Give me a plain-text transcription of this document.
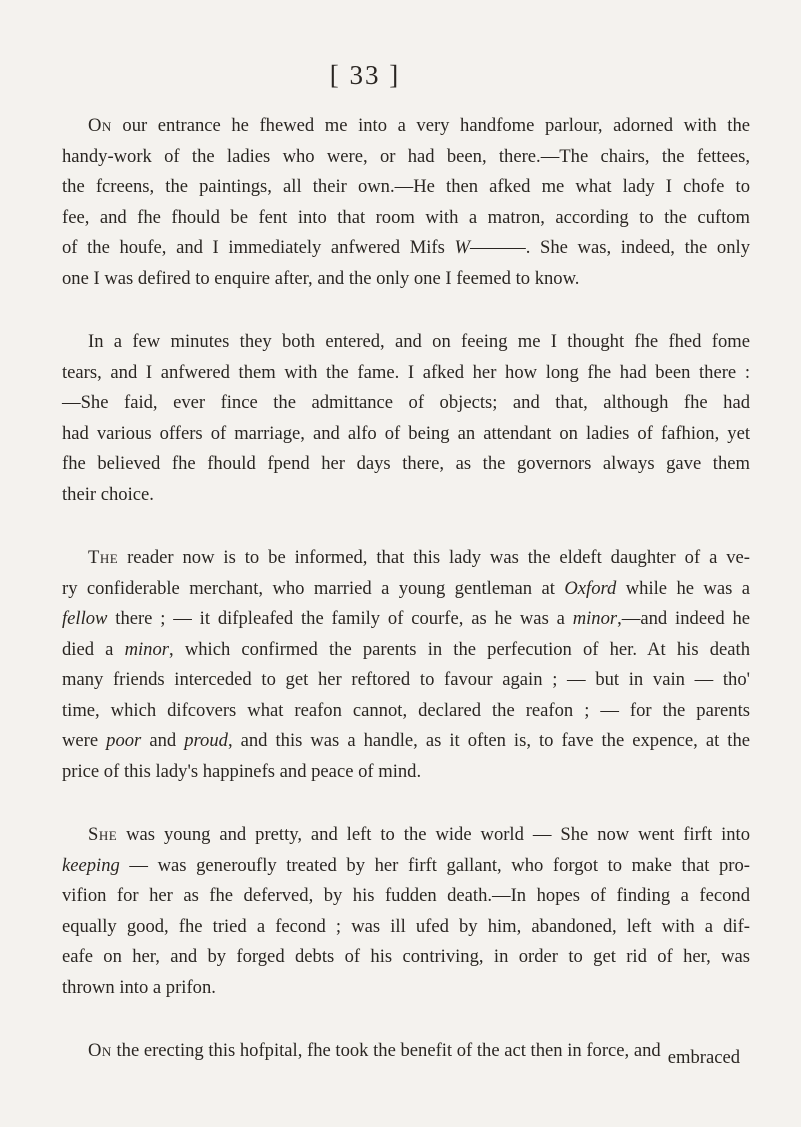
[ 33 ]
On our entrance he fhewed me into a very handfome parlour, adorned with the
handy-work of the ladies who were, or had been, there.—The chairs, the fettees,
the fcreens, the paintings, all their own.—He then afked me what lady I chofe to
fee, and fhe fhould be fent into that room with a matron, according to the cuftom
of the houfe, and I immediately anfwered Mifs W———. She was, indeed, the only
one I was defired to enquire after, and the only one I feemed to know.
In a few minutes they both entered, and on feeing me I thought fhe fhed fome
tears, and I anfwered them with the fame. I afked her how long fhe had been there :
—She faid, ever fince the admittance of objects; and that, although fhe had
had various offers of marriage, and alfo of being an attendant on ladies of fafhion, yet
fhe believed fhe fhould fpend her days there, as the governors always gave them
their choice.
The reader now is to be informed, that this lady was the eldeft daughter of a ve-
ry confiderable merchant, who married a young gentleman at Oxford while he was a
fellow there ; — it difpleafed the family of courfe, as he was a minor,—and indeed he
died a minor, which confirmed the parents in the perfecution of her. At his death
many friends interceded to get her reftored to favour again ; — but in vain — tho'
time, which difcovers what reafon cannot, declared the reafon ; — for the parents
were poor and proud, and this was a handle, as it often is, to fave the expence, at the
price of this lady's happinefs and peace of mind.
She was young and pretty, and left to the wide world — She now went firft into
keeping — was generoufly treated by her firft gallant, who forgot to make that pro-
vifion for her as fhe deferved, by his fudden death.—In hopes of finding a fecond
equally good, fhe tried a fecond ; was ill ufed by him, abandoned, left with a dif-
eafe on her, and by forged debts of his contriving, in order to get rid of her, was
thrown into a prifon.
On the erecting this hofpital, fhe took the benefit of the act then in force, and embraced
